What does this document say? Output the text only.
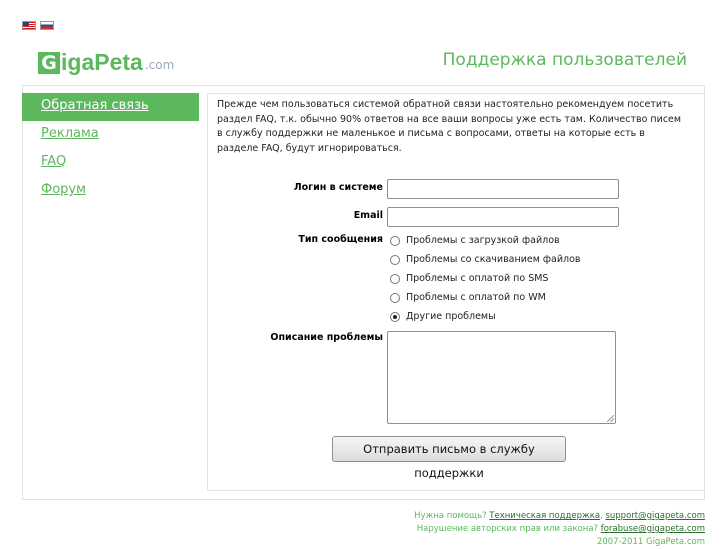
G igaPeta .com	Поддержка пользователей
Обратная связь
Реклама
FAQ
Форум
Прежде чем пользоваться системой обратной связи настоятельно рекомендуем посетить раздел FAQ, т.к. обычно 90% ответов на все ваши вопросы уже есть там. Количество писем в службу поддержки не маленькое и письма с вопросами, ответы на которые есть в разделе FAQ, будут игнорироваться.
Логин в системе
Email
Тип сообщения Проблемы с загрузкой файлов
Проблемы со скачиванием файлов
Проблемы с оплатой по SMS
Проблемы с оплатой по WM
Другие проблемы
Описание проблемы
Отправить письмо в службу поддержки
Нужна помощь? Техническая поддержка, support@gigapeta.com
Нарушение авторских прав или закона? forabuse@gigapeta.com
2007-2011 GigaPeta.com
